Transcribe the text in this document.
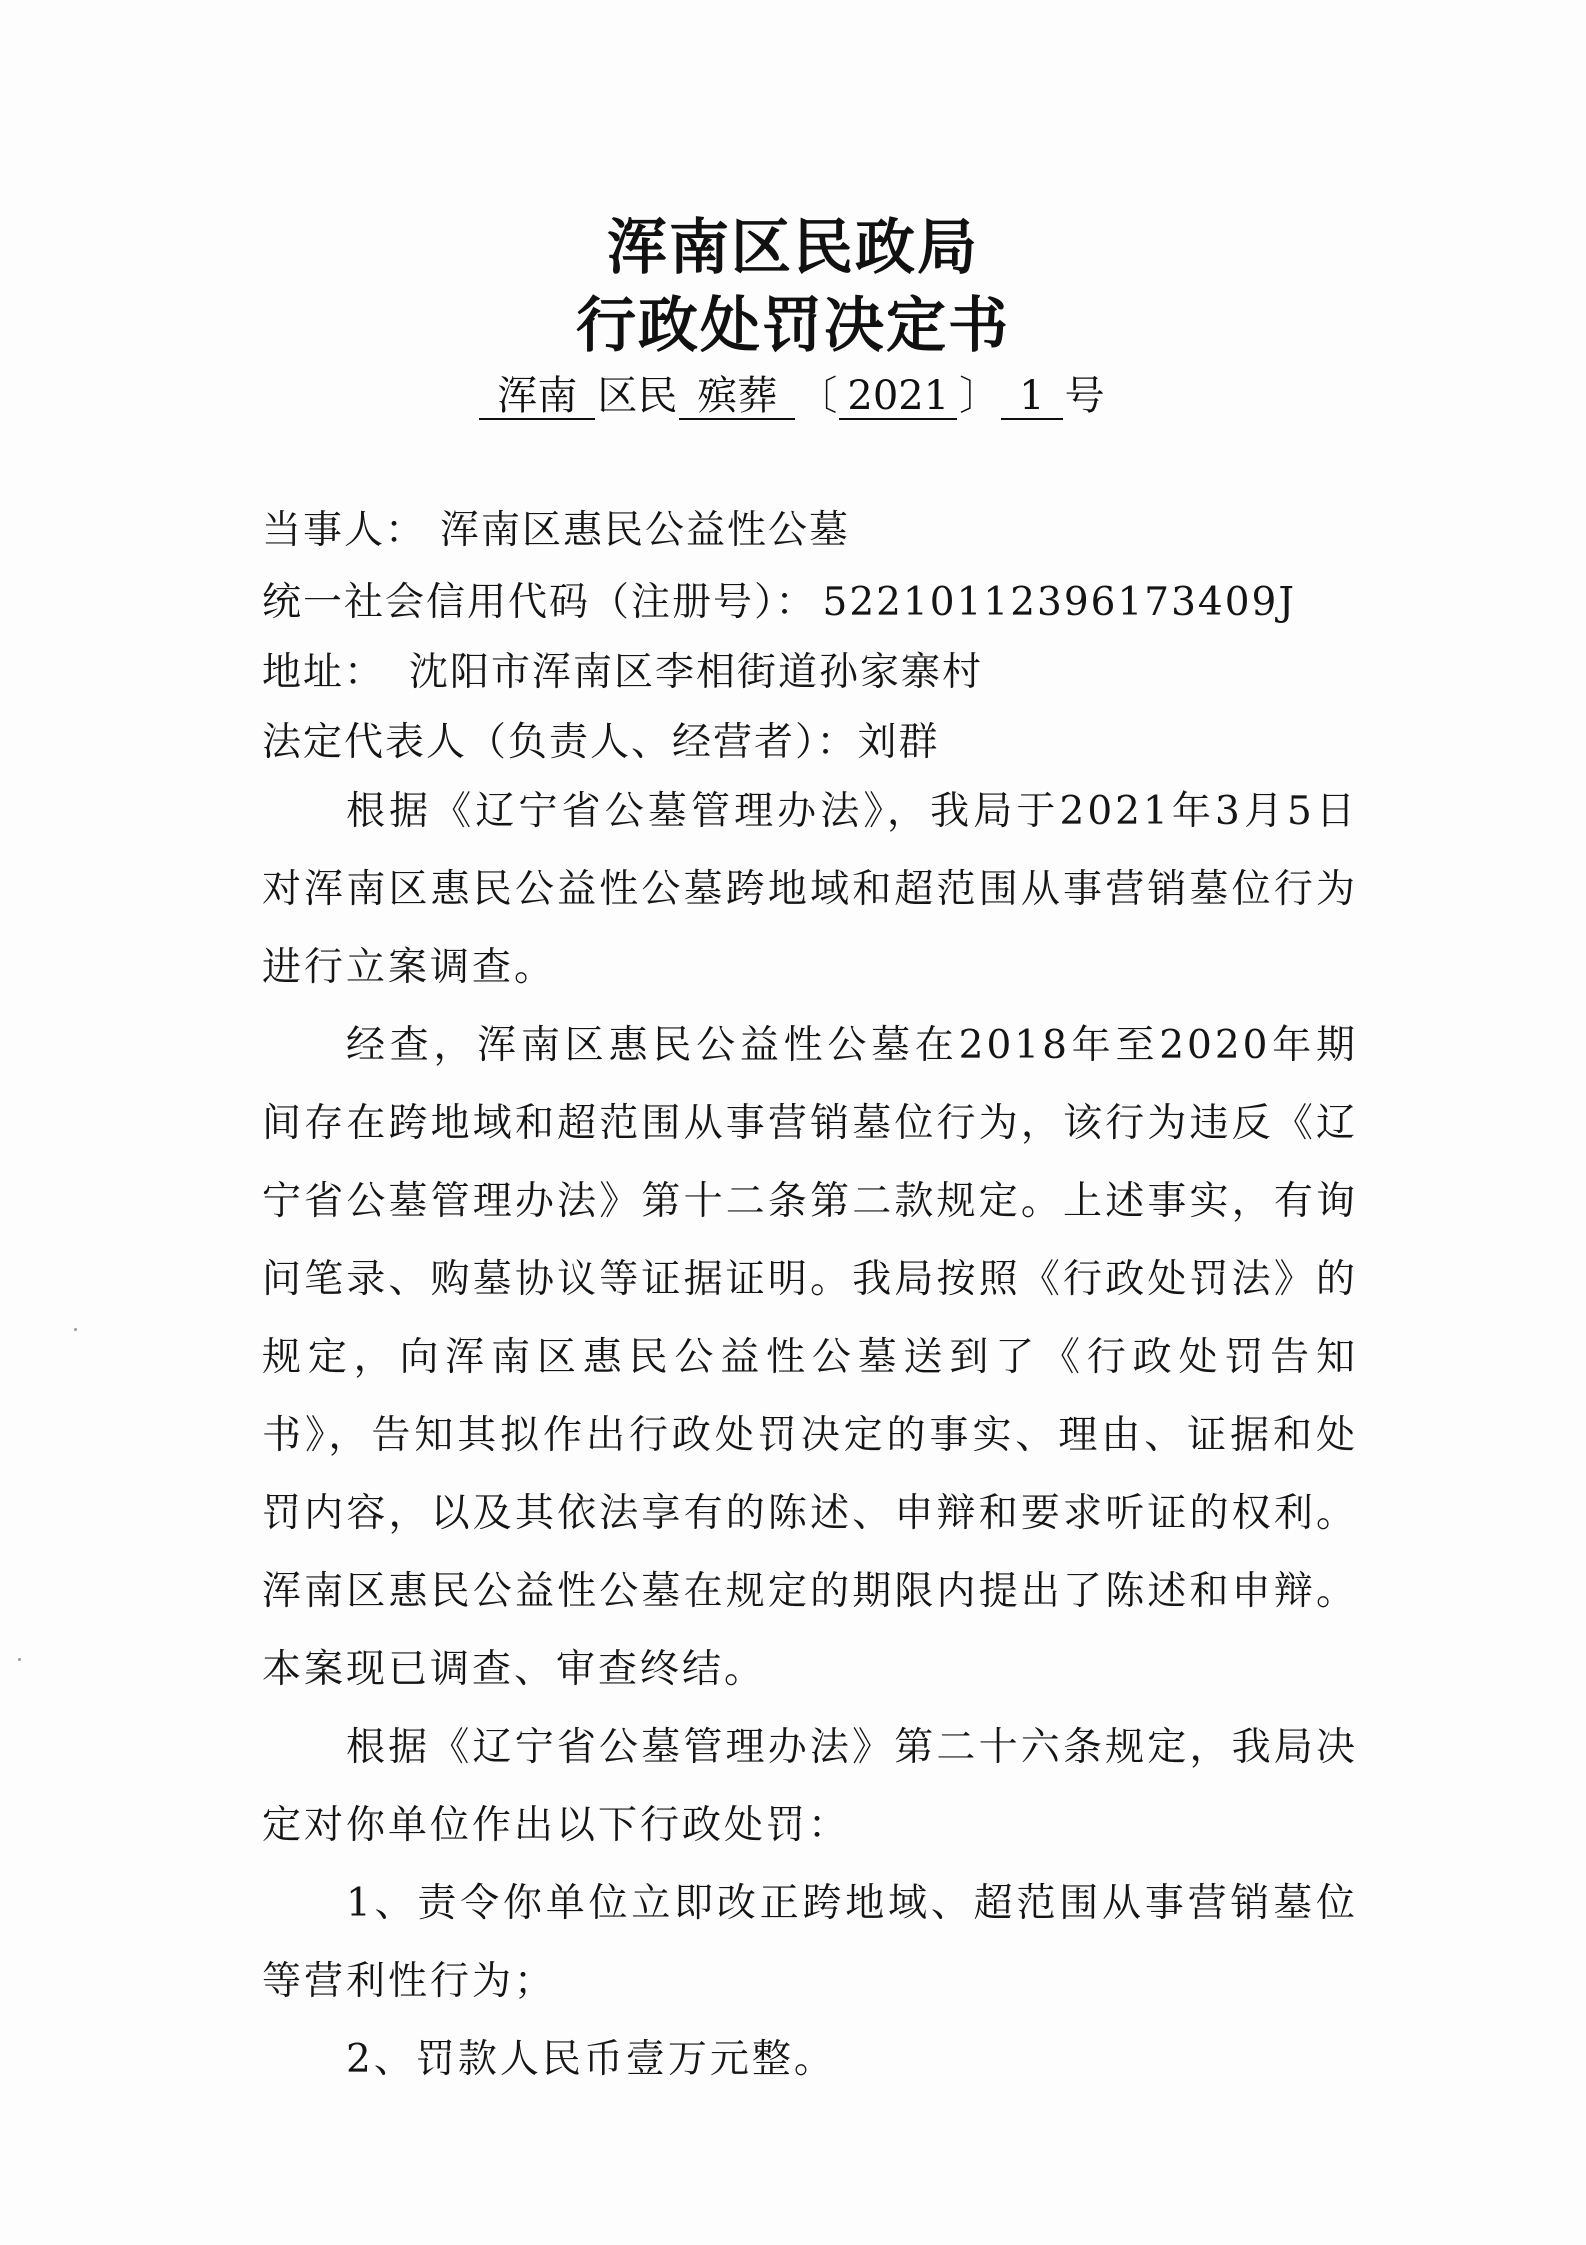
浑南区民政局
行政处罚决定书
浑南 区民 殡葬 〔 2021 〕 1 号
当事人： 浑南区惠民公益性公墓
统一社会信用代码（注册号）： 52210112396173409J
地址： 沈阳市浑南区李相街道孙家寨村
法定代表人（负责人、经营者）：刘群

根据《辽宁省公墓管理办法》，我局于2021年3月5日对浑南区惠民公益性公墓跨地域和超范围从事营销墓位行为进行立案调查。

经查，浑南区惠民公益性公墓在2018年至2020年期间存在跨地域和超范围从事营销墓位行为，该行为违反《辽宁省公墓管理办法》第十二条第二款规定。上述事实，有询问笔录、购墓协议等证据证明。我局按照《行政处罚法》的规定，向浑南区惠民公益性公墓送到了《行政处罚告知书》，告知其拟作出行政处罚决定的事实、理由、证据和处罚内容，以及其依法享有的陈述、申辩和要求听证的权利。浑南区惠民公益性公墓在规定的期限内提出了陈述和申辩。本案现已调查、审查终结。

根据《辽宁省公墓管理办法》第二十六条规定，我局决定对你单位作出以下行政处罚：

1、责令你单位立即改正跨地域、超范围从事营销墓位等营利性行为；

2、罚款人民币壹万元整。
